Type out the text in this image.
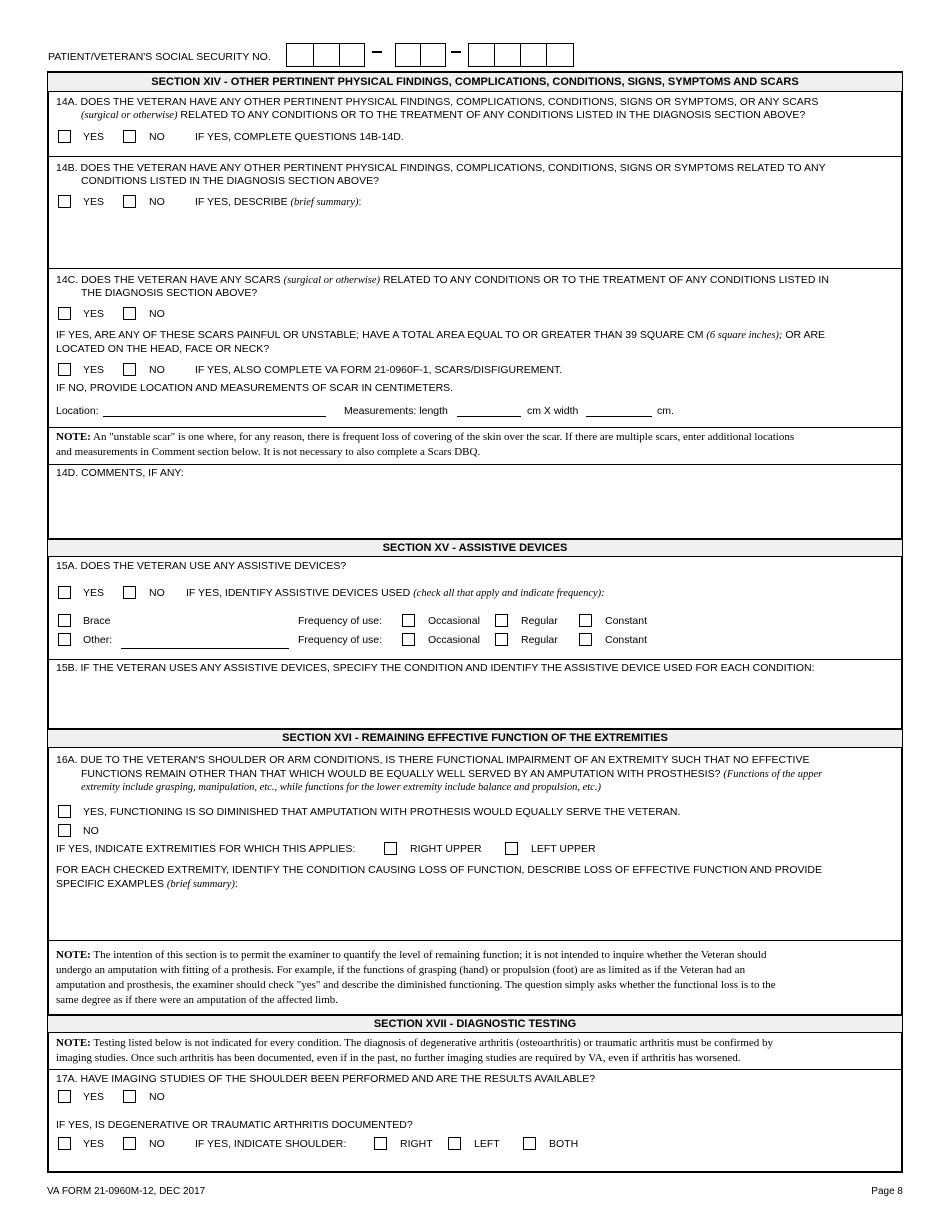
PATIENT/VETERAN'S SOCIAL SECURITY NO.
SECTION XIV - OTHER PERTINENT PHYSICAL FINDINGS, COMPLICATIONS, CONDITIONS, SIGNS, SYMPTOMS AND SCARS
14A. DOES THE VETERAN HAVE ANY OTHER PERTINENT PHYSICAL FINDINGS, COMPLICATIONS, CONDITIONS, SIGNS OR SYMPTOMS, OR ANY SCARS
(surgical or otherwise) RELATED TO ANY CONDITIONS OR TO THE TREATMENT OF ANY CONDITIONS LISTED IN THE DIAGNOSIS SECTION ABOVE?
YES	NO	IF YES, COMPLETE QUESTIONS 14B-14D.
14B. DOES THE VETERAN HAVE ANY OTHER PERTINENT PHYSICAL FINDINGS, COMPLICATIONS, CONDITIONS, SIGNS OR SYMPTOMS RELATED TO ANY
CONDITIONS LISTED IN THE DIAGNOSIS SECTION ABOVE?
YES	NO	IF YES, DESCRIBE (brief summary):
14C. DOES THE VETERAN HAVE ANY SCARS (surgical or otherwise) RELATED TO ANY CONDITIONS OR TO THE TREATMENT OF ANY CONDITIONS LISTED IN
THE DIAGNOSIS SECTION ABOVE?
YES	NO
IF YES, ARE ANY OF THESE SCARS PAINFUL OR UNSTABLE; HAVE A TOTAL AREA EQUAL TO OR GREATER THAN 39 SQUARE CM (6 square inches); OR ARE
LOCATED ON THE HEAD, FACE OR NECK?
YES	NO	IF YES, ALSO COMPLETE VA FORM 21-0960F-1, SCARS/DISFIGUREMENT.
IF NO, PROVIDE LOCATION AND MEASUREMENTS OF SCAR IN CENTIMETERS.
Location:	Measurements: length	cm X width	cm.
NOTE: An "unstable scar" is one where, for any reason, there is frequent loss of covering of the skin over the scar. If there are multiple scars, enter additional locations
and measurements in Comment section below. It is not necessary to also complete a Scars DBQ.
14D. COMMENTS, IF ANY:
SECTION XV - ASSISTIVE DEVICES
15A. DOES THE VETERAN USE ANY ASSISTIVE DEVICES?
YES	NO IF YES, IDENTIFY ASSISTIVE DEVICES USED (check all that apply and indicate frequency):
Brace	Frequency of use:	Occasional	Regular	Constant
Other:	Frequency of use:	Occasional	Regular	Constant
15B. IF THE VETERAN USES ANY ASSISTIVE DEVICES, SPECIFY THE CONDITION AND IDENTIFY THE ASSISTIVE DEVICE USED FOR EACH CONDITION:
SECTION XVI - REMAINING EFFECTIVE FUNCTION OF THE EXTREMITIES
16A. DUE TO THE VETERAN'S SHOULDER OR ARM CONDITIONS, IS THERE FUNCTIONAL IMPAIRMENT OF AN EXTREMITY SUCH THAT NO EFFECTIVE
FUNCTIONS REMAIN OTHER THAN THAT WHICH WOULD BE EQUALLY WELL SERVED BY AN AMPUTATION WITH PROSTHESIS? (Functions of the upper
extremity include grasping, manipulation, etc., while functions for the lower extremity include balance and propulsion, etc.)
YES, FUNCTIONING IS SO DIMINISHED THAT AMPUTATION WITH PROTHESIS WOULD EQUALLY SERVE THE VETERAN.
NO
IF YES, INDICATE EXTREMITIES FOR WHICH THIS APPLIES:	RIGHT UPPER	LEFT UPPER
FOR EACH CHECKED EXTREMITY, IDENTIFY THE CONDITION CAUSING LOSS OF FUNCTION, DESCRIBE LOSS OF EFFECTIVE FUNCTION AND PROVIDE
SPECIFIC EXAMPLES (brief summary):
NOTE: The intention of this section is to permit the examiner to quantify the level of remaining function; it is not intended to inquire whether the Veteran should
undergo an amputation with fitting of a prothesis. For example, if the functions of grasping (hand) or propulsion (foot) are as limited as if the Veteran had an
amputation and prosthesis, the examiner should check "yes" and describe the diminished functioning. The question simply asks whether the functional loss is to the
same degree as if there were an amputation of the affected limb.
SECTION XVII - DIAGNOSTIC TESTING
NOTE: Testing listed below is not indicated for every condition. The diagnosis of degenerative arthritis (osteoarthritis) or traumatic arthritis must be confirmed by
imaging studies. Once such arthritis has been documented, even if in the past, no further imaging studies are required by VA, even if arthritis has worsened.
17A. HAVE IMAGING STUDIES OF THE SHOULDER BEEN PERFORMED AND ARE THE RESULTS AVAILABLE?
YES	NO
IF YES, IS DEGENERATIVE OR TRAUMATIC ARTHRITIS DOCUMENTED?
YES	NO	IF YES, INDICATE SHOULDER:	RIGHT	LEFT	BOTH
VA FORM 21-0960M-12, DEC 2017	Page 8
